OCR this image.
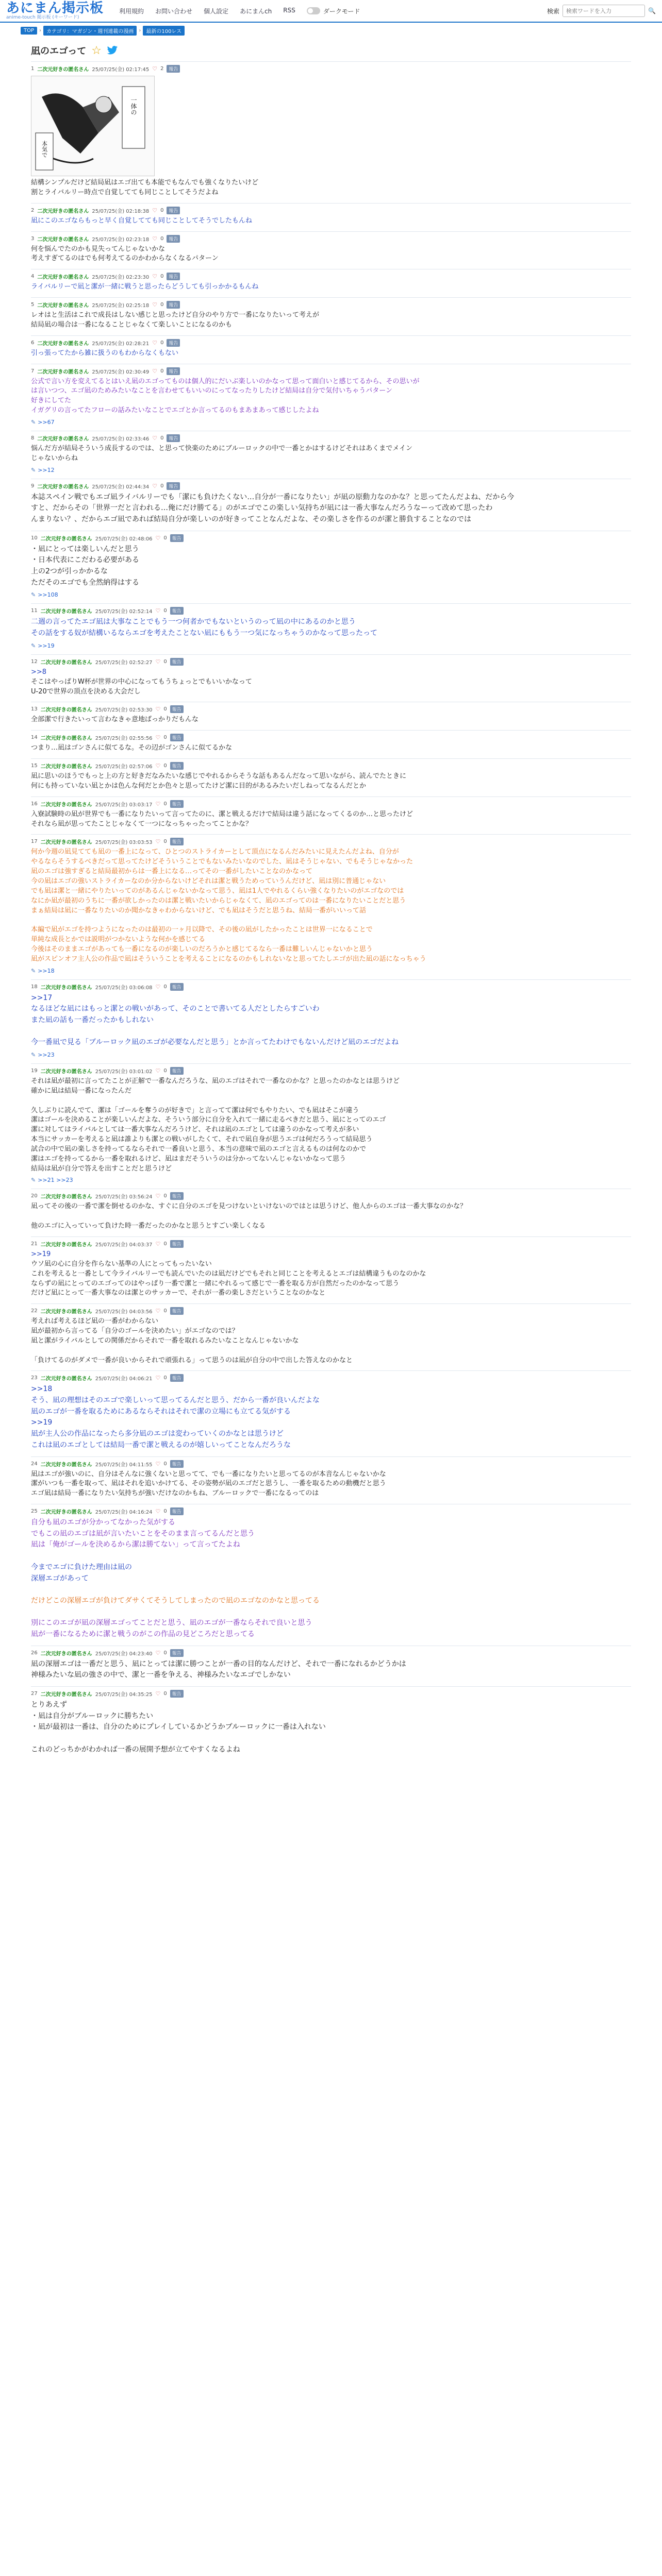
あにまん掲示板
anime-touch 掲示板 (キーワード)
利用規約 お問い合わせ 個人設定 あにまんch RSS	ダークモード	検索
検索ワードを入力	🔍
TOP	›	カテゴリ：マガジン・週刊連載の漫画	›	最新の100レス
凪のエゴって ☆
1 二次元好きの匿名さん 25/07/25(金) 02:17:45 ♡ 2	報告
本気で
一体の

結構シンプルだけど結局凪はエゴ出ても本能でもなんでも強くなりたいけど

割とライバルリー時点で自覚してても同じことしてそうだよね

2 二次元好きの匿名さん 25/07/25(金) 02:18:38 ♡ 0	報告

凪にこのエゴならもっと早く自覚してても同じことしてそうでしたもんね

3 二次元好きの匿名さん 25/07/25(金) 02:23:18 ♡ 0	報告

何を悩んでたのかも見失ってんじゃないかな

考えすぎてるのはでも何考えてるのかわからなくなるパターン

4 二次元好きの匿名さん 25/07/25(金) 02:23:30 ♡ 0	報告

ライバルリーで凪と潔が一緒に戦うと思ったらどうしても引っかかるもんね

5 二次元好きの匿名さん 25/07/25(金) 02:25:18 ♡ 0	報告

レオはと生活はこれで成長はしない感じと思ったけど自分のやり方で一番になりたいって考えが

結局凪の場合は一番になることじゃなくて楽しいことになるのかも

6 二次元好きの匿名さん 25/07/25(金) 02:28:21 ♡ 0	報告

引っ張ってたから雑に扱うのもわからなくもない

7 二次元好きの匿名さん 25/07/25(金) 02:30:49 ♡ 0	報告

公式で言い方を変えてるとはいえ凪のエゴってものは個人的にだいぶ楽しいのかなって思って面白いと感じてるから、その思いが

は言いつつ、エゴ凪のためみたいなことを言わせてもいいのにってなったりしたけど結局は自分で気付いちゃうパターン

好きにしてた

イガグリの言ってたフローの話みたいなことでエゴとか言ってるのもまあまあって感じしたよね

✎ >>67
8 二次元好きの匿名さん 25/07/25(金) 02:33:46 ♡ 0	報告

悩んだ方が結局そういう成長するのでは、と思って快楽のためにブルーロックの中で一番とかはするけどそれはあくまでメイン

じゃないからね

✎ >>12
9 二次元好きの匿名さん 25/07/25(金) 02:44:34 ♡ 0	報告

本誌スペイン戦でもエゴ凪ライバルリーでも「潔にも負けたくない…自分が一番になりたい」が凪の原動力なのかな？と思ってたんだよね、だから今

すと、だからその「世界一だと言われる…俺にだけ勝てる」のがエゴでこの楽しい気持ちが凪には一番大事なんだろうなーって改めて思ったわ

んまりない？、だからエゴ凪であれば結局自分が楽しいのが好きってことなんだよな、その楽しさを作るのが潔と勝負することなのでは

10 二次元好きの匿名さん 25/07/25(金) 02:48:06 ♡ 0	報告

・凪にとっては楽しいんだと思う

・日本代表にこだわる必要がある

上の2つが引っかかるな

ただそのエゴでも全然納得はする

✎ >>108
11 二次元好きの匿名さん 25/07/25(金) 02:52:14 ♡ 0	報告

二週の言ってたエゴ凪は大事なことでもう一つ何者かでもないというのって凪の中にあるのかと思う

その話をする奴が結構いるならエゴを考えたことない凪にももう一つ気になっちゃうのかなって思ったって

✎ >>19
12 二次元好きの匿名さん 25/07/25(金) 02:52:27 ♡ 0	報告

>>8

そこはやっぱりW杯が世界の中心になってもうちょっとでもいいかなって

U-20で世界の頂点を決める大会だし

13 二次元好きの匿名さん 25/07/25(金) 02:53:30 ♡ 0	報告

全部潔で行きたいって言わなきゃ意地ばっかりだもんな

14 二次元好きの匿名さん 25/07/25(金) 02:55:56 ♡ 0	報告

つまり…凪はゴンさんに似てるな。その辺がゴンさんに似てるかな

15 二次元好きの匿名さん 25/07/25(金) 02:57:06 ♡ 0	報告

凪に思いのほうでもっと上の方と好きだなみたいな感じでやれるからそうな話もあるんだなって思いながら、読んでたときに

何にも持っていない凪とかは色んな何だとか色々と思ってたけど潔に目的があるみたいだしねってなるんだとか

16 二次元好きの匿名さん 25/07/25(金) 03:03:17 ♡ 0	報告

入寮試験時の凪が世界でも一番になりたいって言ってたのに、潔と戦えるだけで結局は違う話になってくるのか…と思ったけど

それなら凪が思ってたことじゃなくて一つになっちゃったってことかな？

17 二次元好きの匿名さん 25/07/25(金) 03:03:53 ♡ 0	報告

何か今週の凪見てても凪の一番上になって、ひとつのストライカーとして頂点になるんだみたいに見えたんだよね、自分が

やるならそうするべきだって思ってたけどそういうことでもないみたいなのでした、凪はそうじゃない、でもそうじゃなかった

凪のエゴは強すぎると結局最初からは一番上になる…ってその一番がしたいことなのかなって

今の凪はエゴの強いストライカーなのか分からないけどそれは潔と戦うためっていうんだけど、凪は別に普通じゃない

でも凪は潔と一緒にやりたいってのがあるんじゃないかなって思う、凪は1人でやれるくらい強くなりたいのがエゴなのでは

なにか凪が最初のうちに一番が欲しかったのは潔と戦いたいからじゃなくて、凪のエゴってのは一番になりたいことだと思う

まぁ結局は凪に一番なりたいのか聞かなきゃわからないけど、でも凪はそうだと思うね、結局一番がいいって話

本編で凪がエゴを持つようになったのは最初の一ヶ月以降で、その後の凪がしたかったことは世界一になることで

単純な成長とかでは説明がつかないような何かを感じてる

今後はそのままエゴがあっても一番になるのが楽しいのだろうかと感じてるなら一番は難しいんじゃないかと思う

凪がスピンオフ主人公の作品で凪はそういうことを考えることになるのかもしれないなと思ってたしエゴが出た凪の話になっちゃう

✎ >>18
18 二次元好きの匿名さん 25/07/25(金) 03:06:08 ♡ 0	報告

>>17

なるほどな凪にはもっと潔との戦いがあって、そのことで書いてる人だとしたらすごいわ

また凪の話も一番だったかもしれない

今一番凪で見る「ブルーロック凪のエゴが必要なんだと思う」とか言ってたわけでもないんだけど凪のエゴだよね

✎ >>23
19 二次元好きの匿名さん 25/07/25(金) 03:01:02 ♡ 0	報告

それは凪が最初に言ってたことが正解で一番なんだろうな、凪のエゴはそれで一番なのかな？と思ったのかなとは思うけど

確かに凪は結局一番になったんだ

久しぶりに読んでて、潔は「ゴールを奪うのが好きで」と言ってて潔は何でもやりたい、でも凪はそこが違う

潔はゴールを決めることが楽しいんだよな、そういう部分に自分を入れて一緒に走るべきだと思う、凪にとってのエゴ

潔に対してはライバルとしては一番大事なんだろうけど、それは凪のエゴとしては違うのかなって考えが多い

本当にサッカーを考えると凪は誰よりも潔との戦いがしたくて、それで凪自身が思うエゴは何だろうって結局思う

試合の中で凪の楽しさを持ってるならそれで一番良いと思う、本当の意味で凪のエゴと言えるものは何なのかで

潔はエゴを持ってるから一番を取れるけど、凪はまだそういうのは分かってないんじゃないかなって思う

結局は凪が自分で答えを出すことだと思うけど

✎ >>21 >>23
20 二次元好きの匿名さん 25/07/25(金) 03:56:24 ♡ 0	報告

凪ってその後の一番で潔を倒せるのかな、すぐに自分のエゴを見つけないといけないのではとは思うけど、他人からのエゴは一番大事なのかな？

他のエゴに入っていって負けた時一番だったのかなと思うとすごい楽しくなる

21 二次元好きの匿名さん 25/07/25(金) 04:03:37 ♡ 0	報告

>>19

ウソ凪の心に自分を作らない基準の人にとってもったいない

これを考えると一番として今ライバルリーでも読んでいたのは凪だけどでもそれと同じことを考えるとエゴは結構違うものなのかな

ならずの凪にとってのエゴってのはやっぱり一番で潔と一緒にやれるって感じで一番を取る方が自然だったのかなって思う

だけど凪にとって一番大事なのは潔とのサッカーで、それが一番の楽しさだということなのかなと

22 二次元好きの匿名さん 25/07/25(金) 04:03:56 ♡ 0	報告

考えれば考えるほど凪の一番がわからない

凪が最初から言ってる「自分のゴールを決めたい」がエゴなのでは？

凪と潔がライバルとしての関係だからそれで一番を取れるみたいなことなんじゃないかな

「負けてるのがダメで一番が良いからそれで頑張れる」って思うのは凪が自分の中で出した答えなのかなと

23 二次元好きの匿名さん 25/07/25(金) 04:06:21 ♡ 0	報告

>>18

そう、凪の理想はそのエゴで楽しいって思ってるんだと思う、だから一番が良いんだよな

凪のエゴが一番を取るためにあるならそれはそれで潔の立場にも立てる気がする

>>19

凪が主人公の作品になったら多分凪のエゴは変わっていくのかなとは思うけど

これは凪のエゴとしては結局一番で潔と戦えるのが嬉しいってことなんだろうな

24 二次元好きの匿名さん 25/07/25(金) 04:11:55 ♡ 0	報告

凪はエゴが強いのに、自分はそんなに強くないと思ってて、でも一番になりたいと思ってるのが本音なんじゃないかな

潔がいつも一番を取って、凪はそれを追いかけてる、その姿勢が凪のエゴだと思うし、一番を取るための動機だと思う

エゴ凪は結局一番になりたい気持ちが強いだけなのかもね、ブルーロックで一番になるってのは

25 二次元好きの匿名さん 25/07/25(金) 04:16:24 ♡ 0	報告

自分も凪のエゴが分かってなかった気がする

でもこの凪のエゴは凪が言いたいことをそのまま言ってるんだと思う

凪は「俺がゴールを決めるから潔は勝てない」って言ってたよね

今までエゴに負けた理由は凪の

深層エゴがあって

だけどこの深層エゴが負けてダサくてそうしてしまったので凪のエゴなのかなと思ってる

別にこのエゴが凪の深層エゴってことだと思う、凪のエゴが一番ならそれで良いと思う

凪が一番になるために潔と戦うのがこの作品の見どころだと思ってる

26 二次元好きの匿名さん 25/07/25(金) 04:23:40 ♡ 0	報告

凪の深層エゴは一番だと思う、凪にとっては潔に勝つことが一番の目的なんだけど、それで一番になれるかどうかは

神様みたいな凪の強さの中で、潔と一番を争える、神様みたいなエゴでしかない

27 二次元好きの匿名さん 25/07/25(金) 04:35:25 ♡ 0	報告

とりあえず

・凪は自分がブルーロックに勝ちたい

・凪が最初は一番は、自分のためにプレイしているかどうかブルーロックに一番は入れない

これのどっちかがわかれば一番の展開予想が立てやすくなるよね
